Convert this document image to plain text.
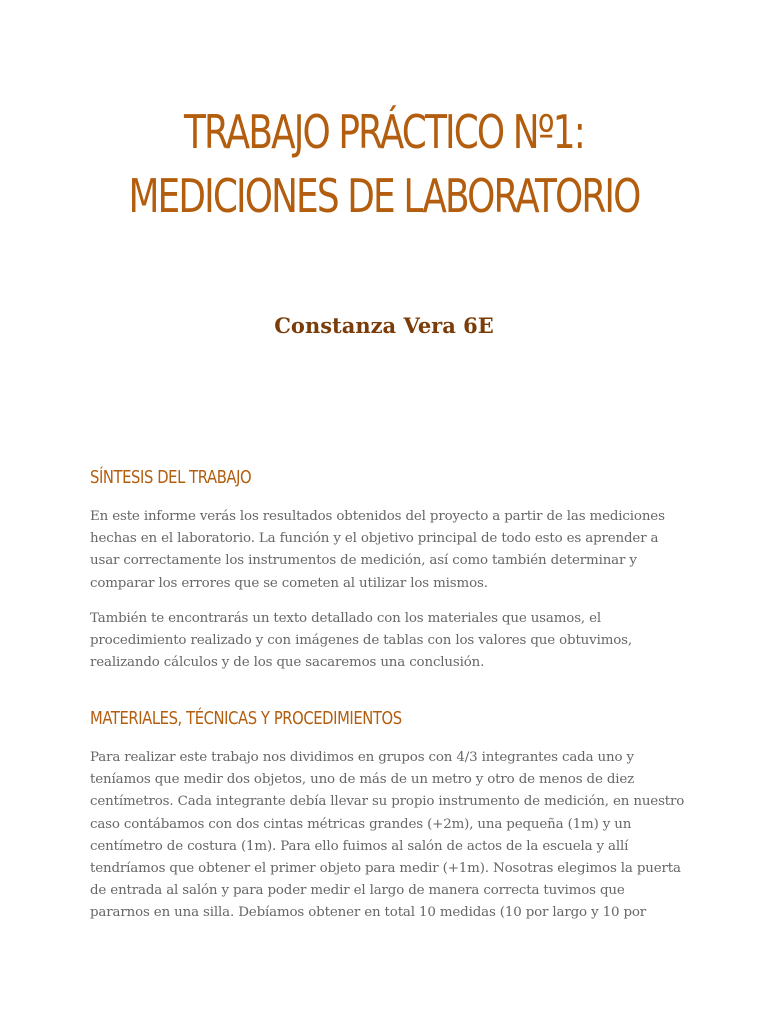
TRABAJO PRÁCTICO Nº1:
MEDICIONES DE LABORATORIO

Constanza Vera 6E

SÍNTESIS DEL TRABAJO

En este informe verás los resultados obtenidos del proyecto a partir de las mediciones
hechas en el laboratorio. La función y el objetivo principal de todo esto es aprender a
usar correctamente los instrumentos de medición, así como también determinar y
comparar los errores que se cometen al utilizar los mismos.

También te encontrarás un texto detallado con los materiales que usamos, el
procedimiento realizado y con imágenes de tablas con los valores que obtuvimos,
realizando cálculos y de los que sacaremos una conclusión.

MATERIALES, TÉCNICAS Y PROCEDIMIENTOS

Para realizar este trabajo nos dividimos en grupos con 4/3 integrantes cada uno y
teníamos que medir dos objetos, uno de más de un metro y otro de menos de diez
centímetros. Cada integrante debía llevar su propio instrumento de medición, en nuestro
caso contábamos con dos cintas métricas grandes (+2m), una pequeña (1m) y un
centímetro de costura (1m). Para ello fuimos al salón de actos de la escuela y allí
tendríamos que obtener el primer objeto para medir (+1m). Nosotras elegimos la puerta
de entrada al salón y para poder medir el largo de manera correcta tuvimos que
pararnos en una silla. Debíamos obtener en total 10 medidas (10 por largo y 10 por
